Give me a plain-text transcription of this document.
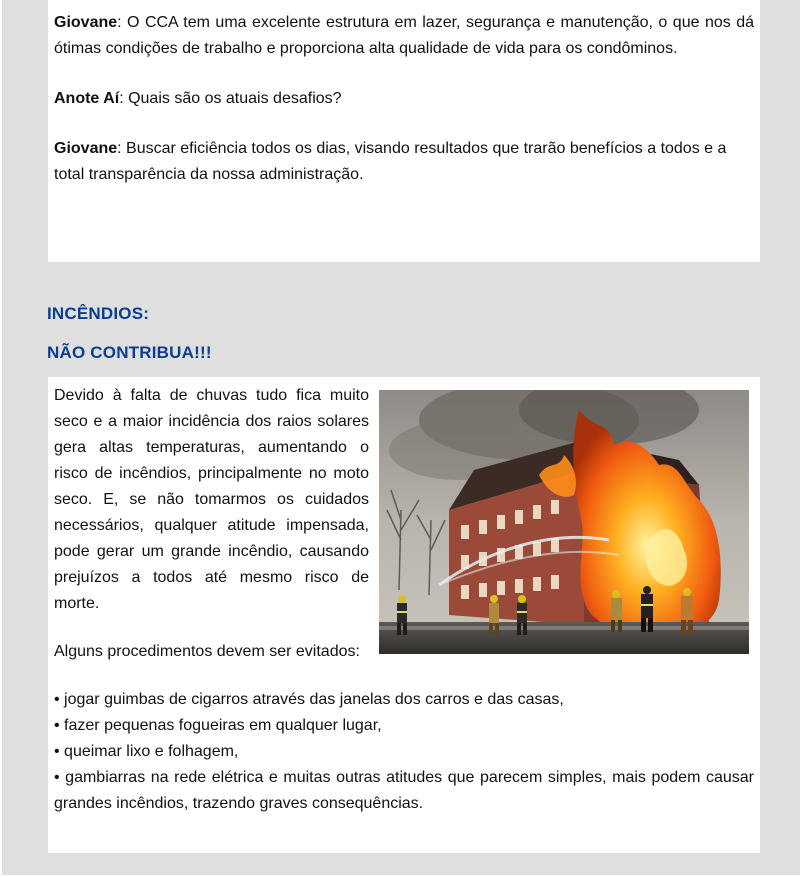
Giovane: O CCA tem uma excelente estrutura em lazer, segurança e manutenção, o que nos dá ótimas condições de trabalho e proporciona alta qualidade de vida para os condôminos.

Anote Aí: Quais são os atuais desafios?

Giovane: Buscar eficiência todos os dias, visando resultados que trarão benefícios a todos e a
total transparência da nossa administração.

INCÊNDIOS:
NÃO CONTRIBUA!!!

Devido à falta de chuvas tudo fica muito seco e a maior incidência dos raios solares gera altas temperaturas, aumentando o risco de incêndios, principalmente no moto seco. E, se não tomarmos os cuidados necessários, qualquer atitude impensada, pode gerar um grande incêndio, causando prejuízos a todos até mesmo risco de morte.

Alguns procedimentos devem ser evitados:

• jogar guimbas de cigarros através das janelas dos carros e das casas,
• fazer pequenas fogueiras em qualquer lugar,
• queimar lixo e folhagem,
• gambiarras na rede elétrica e muitas outras atitudes que parecem simples, mais podem causar grandes incêndios, trazendo graves consequências.
